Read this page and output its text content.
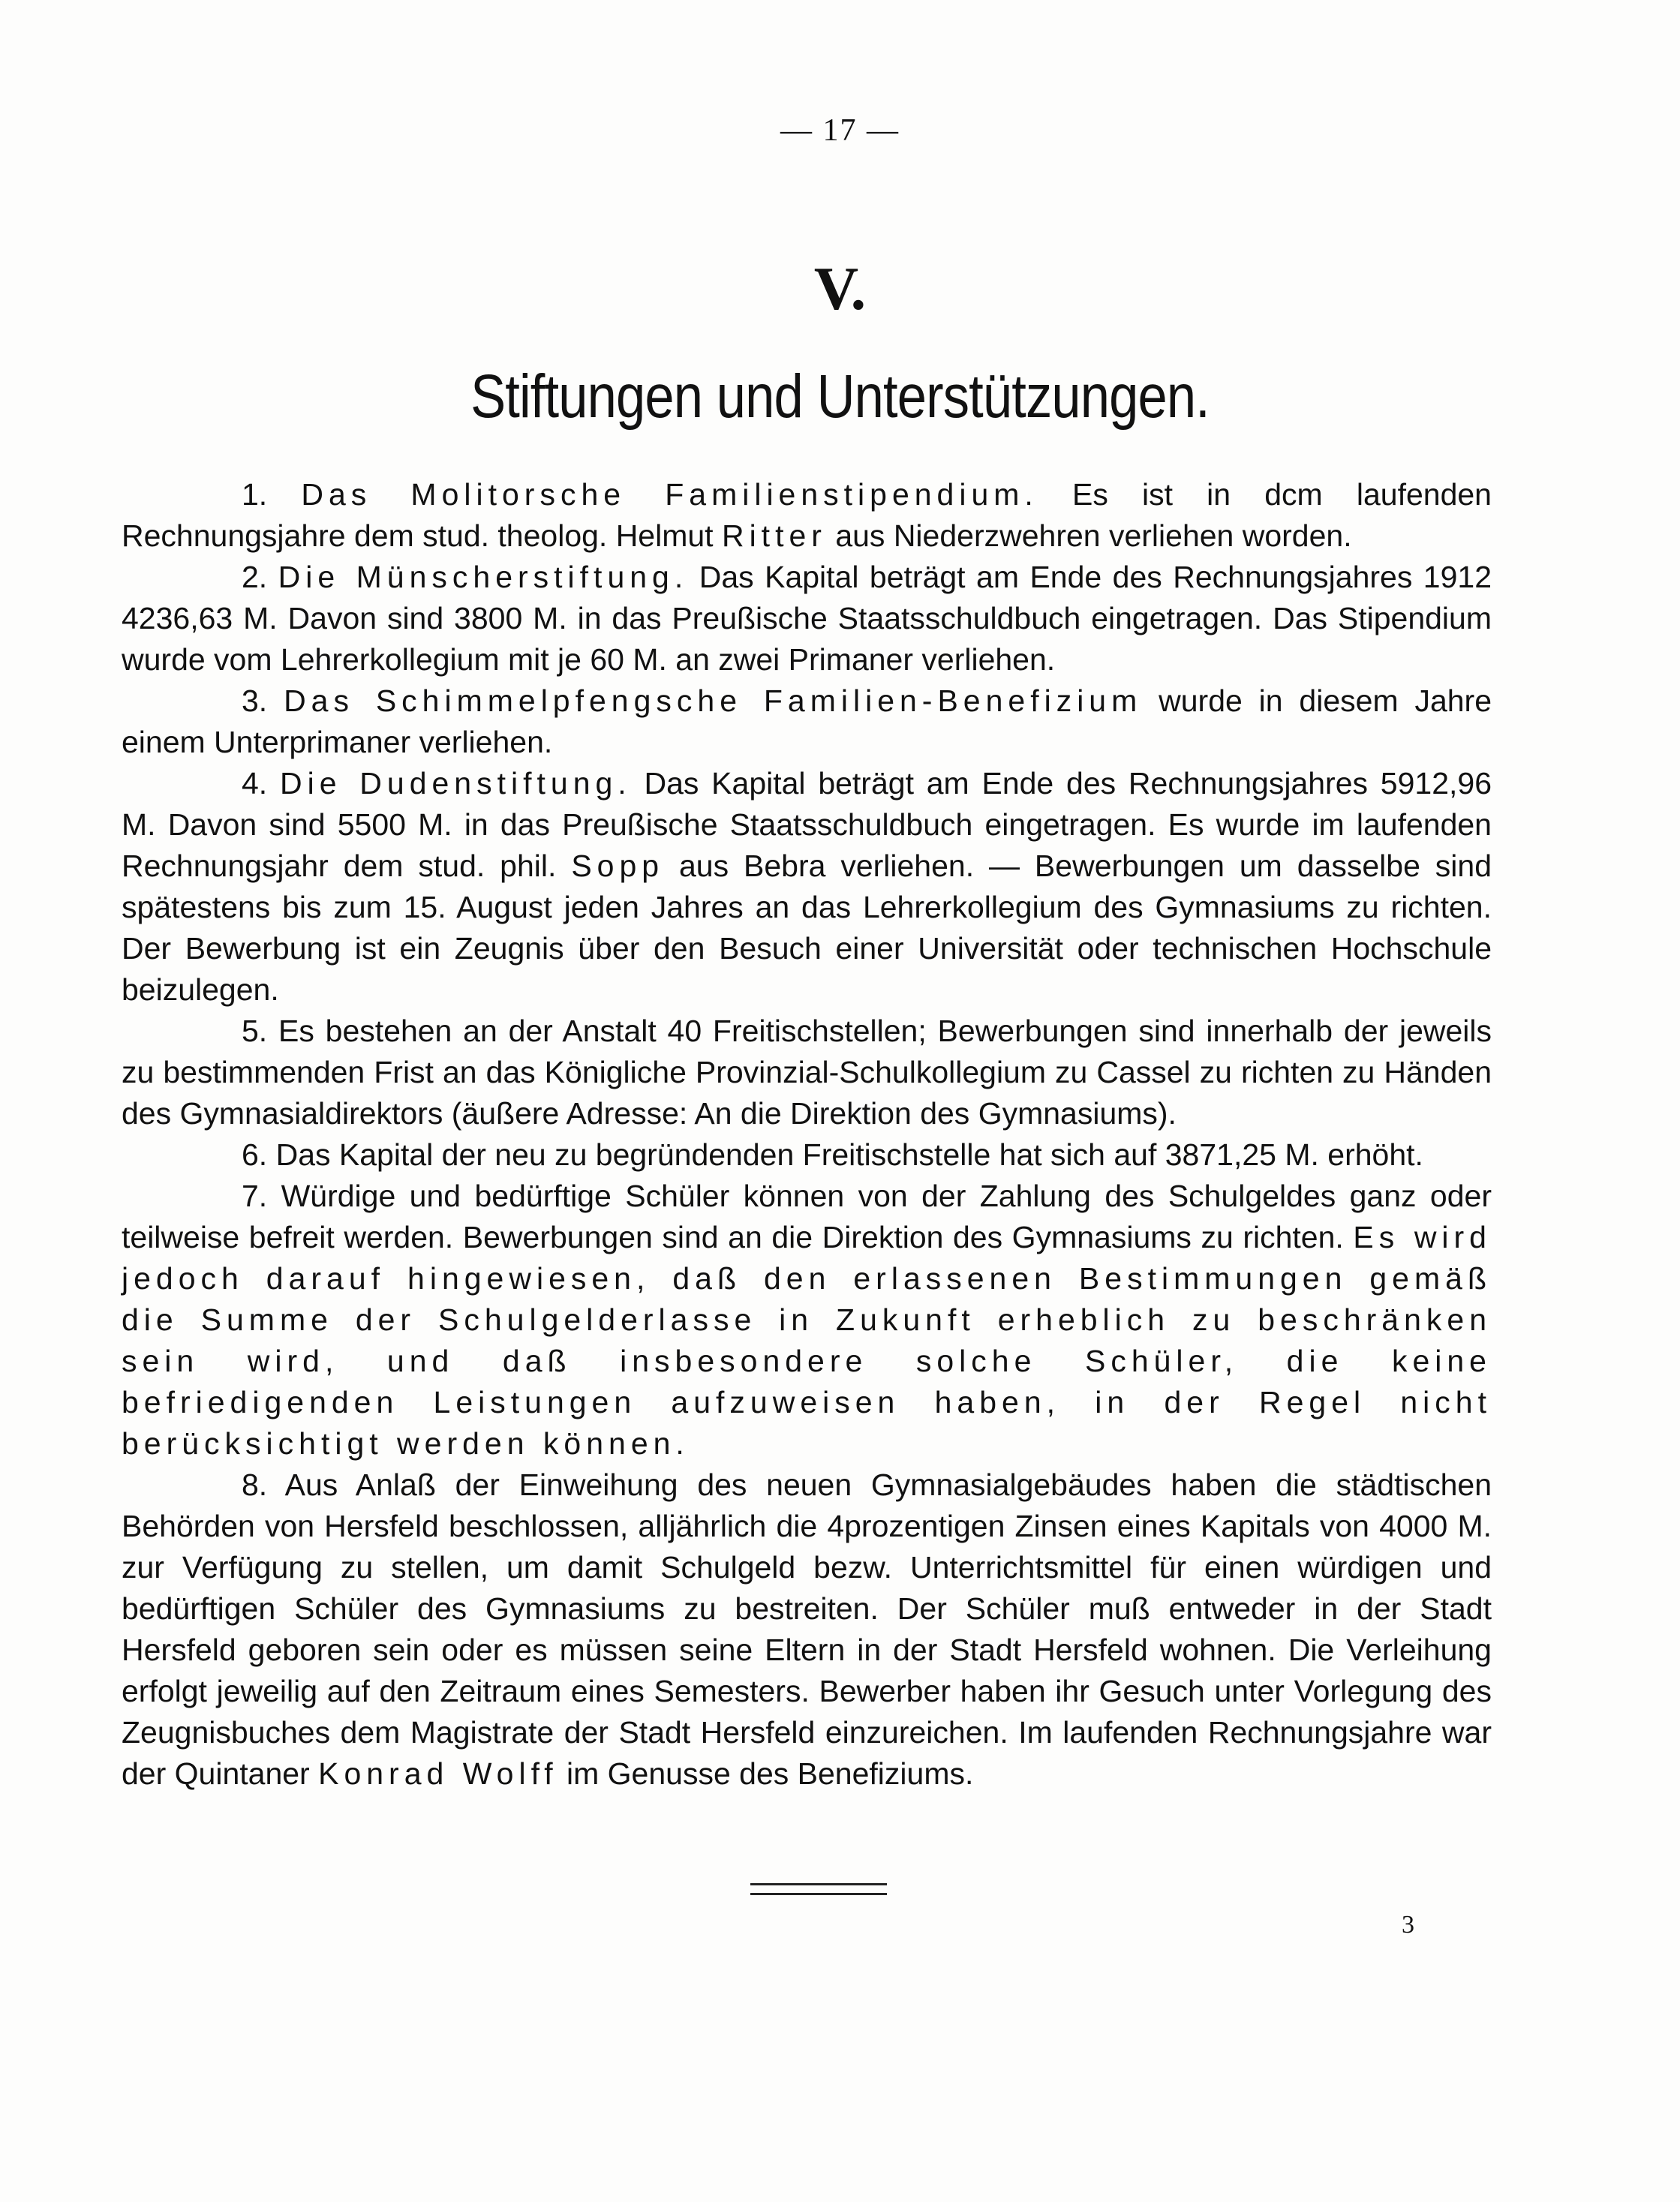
— 17 —
V.
Stiftungen und Unterstützungen.

1. Das Molitorsche Familienstipendium. Es ist in dcm laufenden Rechnungsjahre dem stud. theolog. Helmut Ritter aus Niederzwehren verliehen worden.

2. Die Münscherstiftung. Das Kapital beträgt am Ende des Rechnungsjahres 1912 4236,63 M. Davon sind 3800 M. in das Preußische Staatsschuldbuch eingetragen. Das Stipendium wurde vom Lehrerkollegium mit je 60 M. an zwei Primaner verliehen.

3. Das Schimmelpfengsche Familien-Benefizium wurde in diesem Jahre einem Unterprimaner verliehen.

4. Die Dudenstiftung. Das Kapital beträgt am Ende des Rechnungsjahres 5912,96 M. Davon sind 5500 M. in das Preußische Staatsschuldbuch eingetragen. Es wurde im laufenden Rechnungsjahr dem stud. phil. Sopp aus Bebra verliehen. — Bewerbungen um dasselbe sind spätestens bis zum 15. August jeden Jahres an das Lehrerkollegium des Gymnasiums zu richten. Der Bewerbung ist ein Zeugnis über den Besuch einer Universität oder technischen Hochschule beizulegen.

5. Es bestehen an der Anstalt 40 Freitischstellen; Bewerbungen sind innerhalb der jeweils zu bestimmenden Frist an das Königliche Provinzial-Schulkollegium zu Cassel zu richten zu Händen des Gymnasialdirektors (äußere Adresse: An die Direktion des Gymnasiums).

6. Das Kapital der neu zu begründenden Freitischstelle hat sich auf 3871,25 M. erhöht.

7. Würdige und bedürftige Schüler können von der Zahlung des Schulgeldes ganz oder teilweise befreit werden. Bewerbungen sind an die Direktion des Gymnasiums zu richten. Es wird jedoch darauf hingewiesen, daß den erlassenen Bestimmungen gemäß die Summe der Schulgelderlasse in Zukunft erheblich zu beschränken sein wird, und daß insbesondere solche Schüler, die keine befriedigenden Leistungen aufzuweisen haben, in der Regel nicht berücksichtigt werden können.

8. Aus Anlaß der Einweihung des neuen Gymnasialgebäudes haben die städtischen Behörden von Hersfeld beschlossen, alljährlich die 4prozentigen Zinsen eines Kapitals von 4000 M. zur Verfügung zu stellen, um damit Schulgeld bezw. Unterrichtsmittel für einen würdigen und bedürftigen Schüler des Gymnasiums zu bestreiten. Der Schüler muß entweder in der Stadt Hersfeld geboren sein oder es müssen seine Eltern in der Stadt Hersfeld wohnen. Die Verleihung erfolgt jeweilig auf den Zeitraum eines Semesters. Bewerber haben ihr Gesuch unter Vorlegung des Zeugnisbuches dem Magistrate der Stadt Hersfeld einzureichen. Im laufenden Rechnungsjahre war der Quintaner Konrad Wolff im Genusse des Benefiziums.

3
